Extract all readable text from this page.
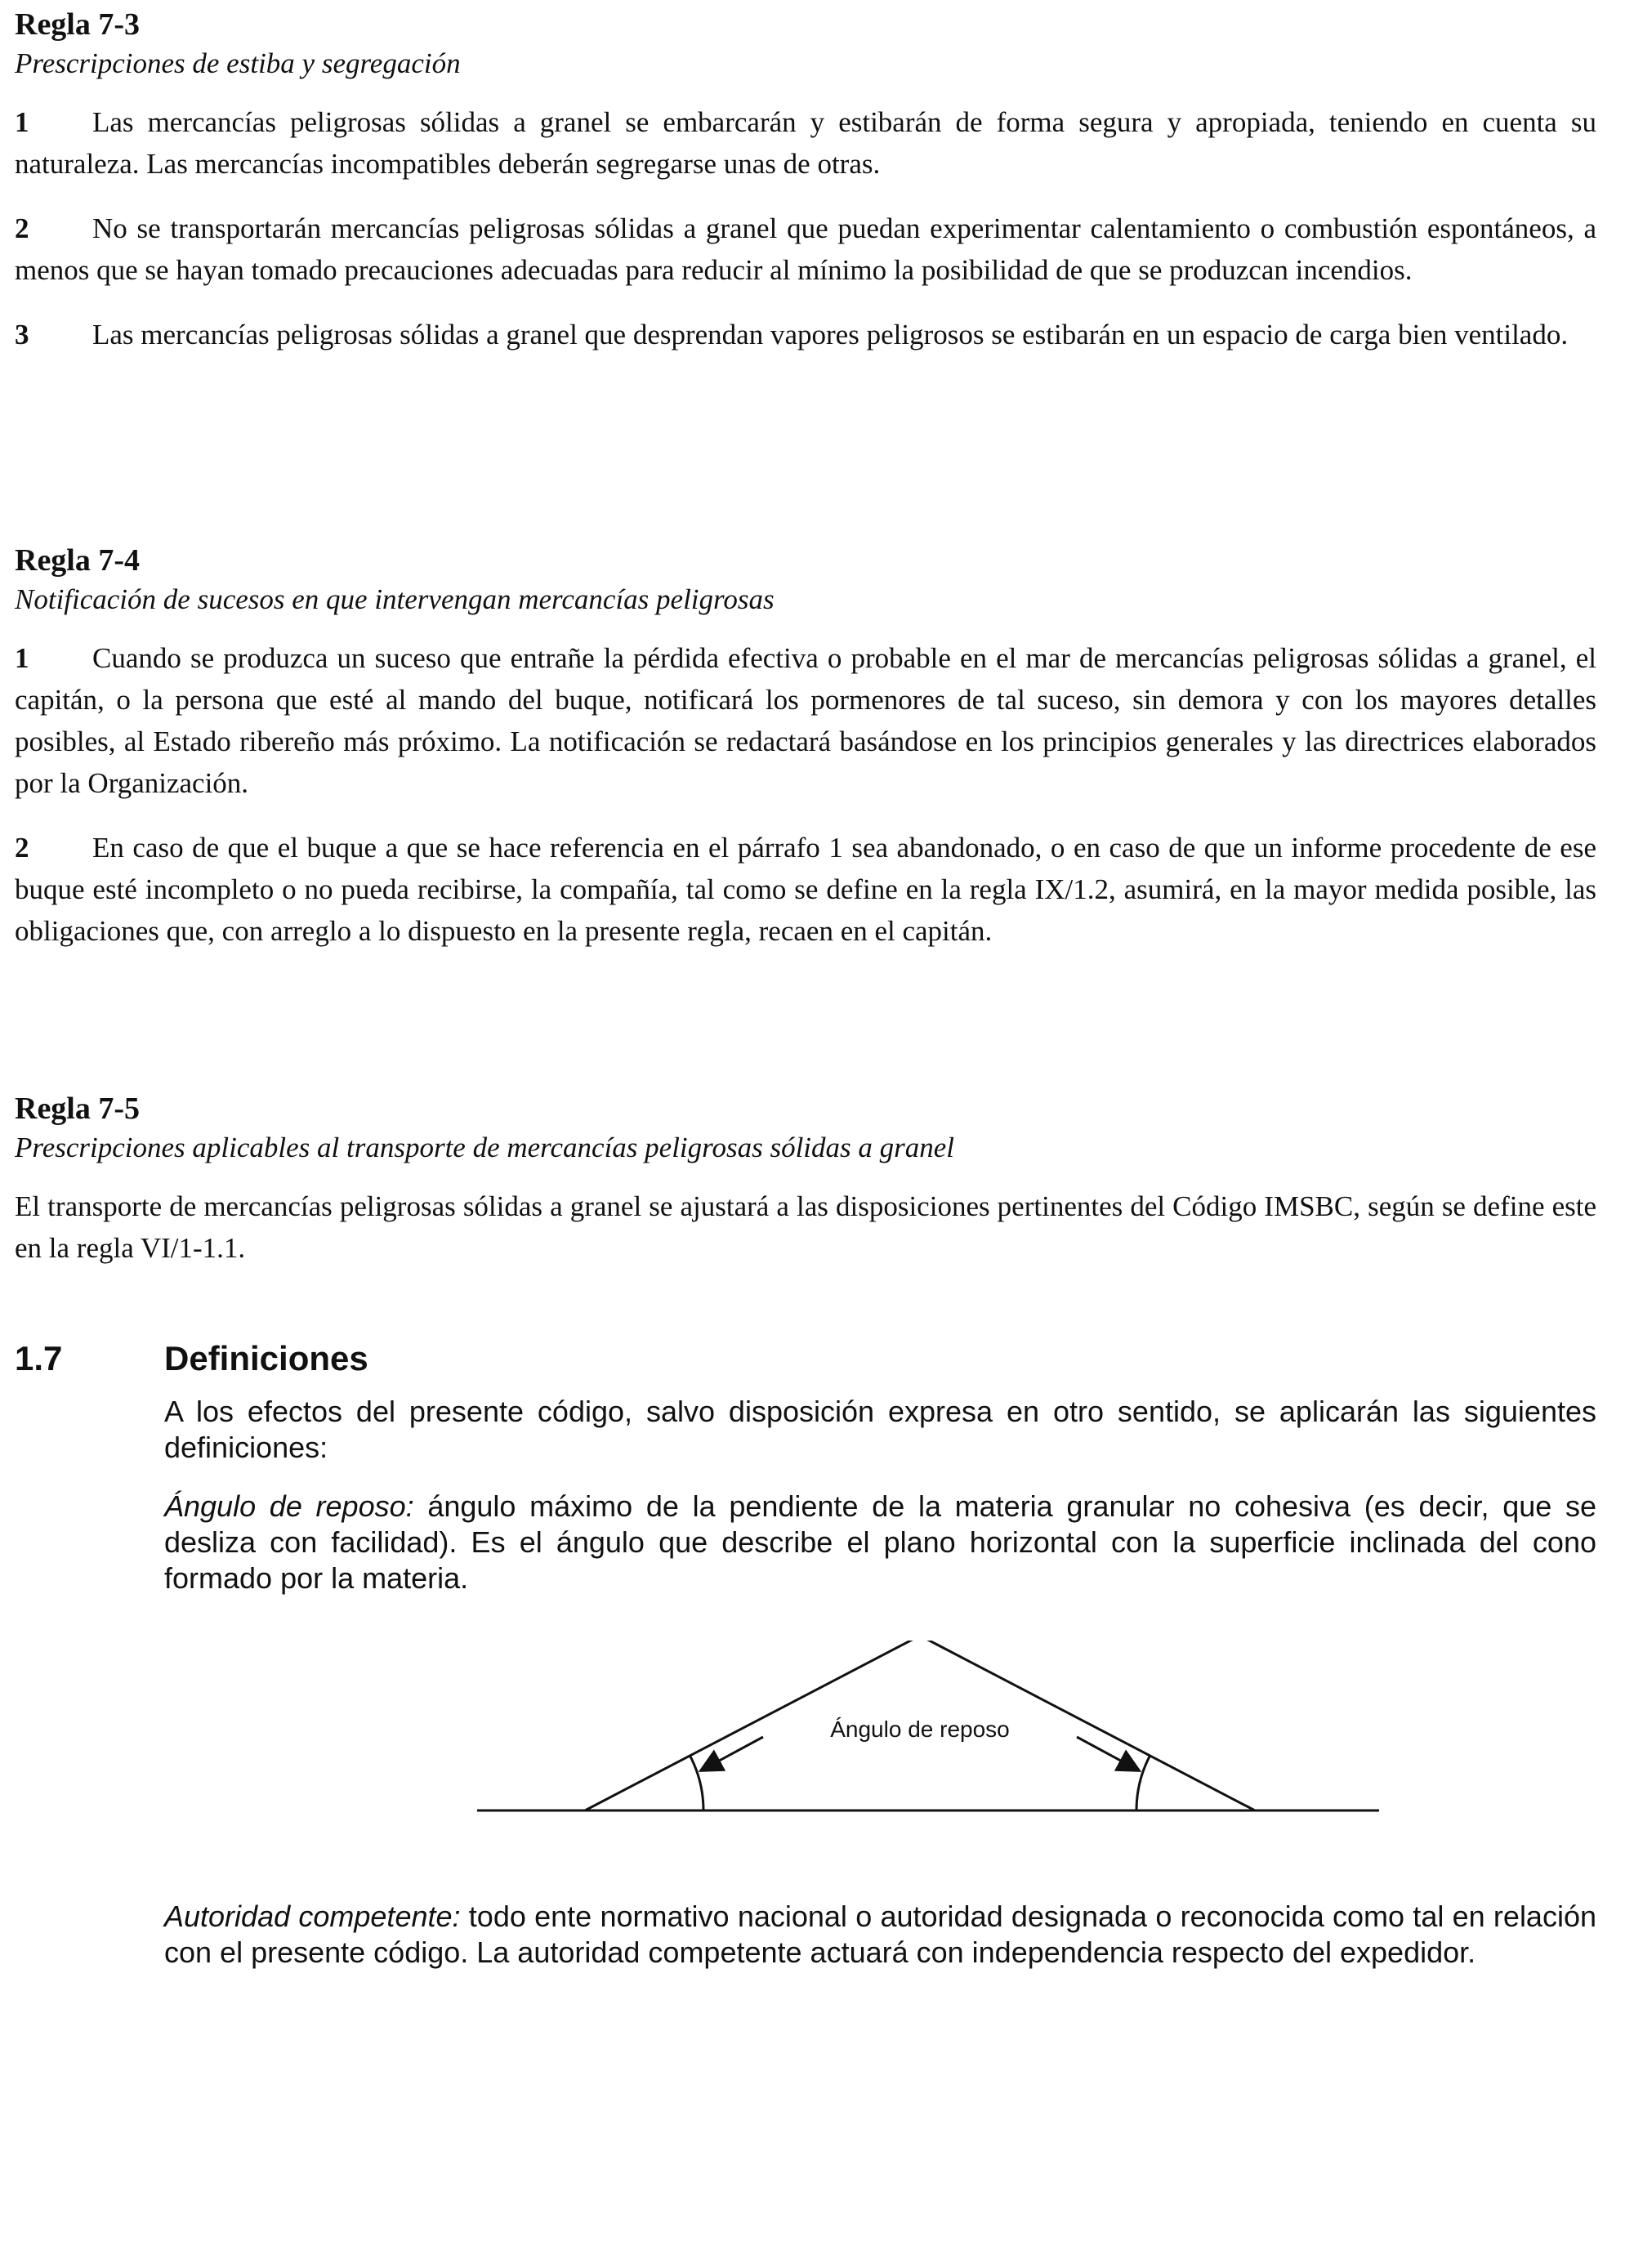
Regla 7-3

Prescripciones de estiba y segregación

1 Las mercancías peligrosas sólidas a granel se embarcarán y estibarán de forma segura y apropiada, teniendo en cuenta su naturaleza. Las mercancías incompatibles deberán segregarse unas de otras.

2 No se transportarán mercancías peligrosas sólidas a granel que puedan experimentar calentamiento o combustión espontáneos, a menos que se hayan tomado precauciones adecuadas para reducir al mínimo la posibilidad de que se produzcan incendios.

3 Las mercancías peligrosas sólidas a granel que desprendan vapores peligrosos se estibarán en un espacio de carga bien ventilado.

Regla 7-4

Notificación de sucesos en que intervengan mercancías peligrosas

1 Cuando se produzca un suceso que entrañe la pérdida efectiva o probable en el mar de mercancías peligrosas sólidas a granel, el capitán, o la persona que esté al mando del buque, notificará los pormenores de tal suceso, sin demora y con los mayores detalles posibles, al Estado ribereño más próximo. La notificación se redactará basándose en los principios generales y las directrices elaborados por la Organización.

2 En caso de que el buque a que se hace referencia en el párrafo 1 sea abandonado, o en caso de que un informe procedente de ese buque esté incompleto o no pueda recibirse, la compañía, tal como se define en la regla IX/1.2, asumirá, en la mayor medida posible, las obligaciones que, con arreglo a lo dispuesto en la presente regla, recaen en el capitán.

Regla 7-5

Prescripciones aplicables al transporte de mercancías peligrosas sólidas a granel

El transporte de mercancías peligrosas sólidas a granel se ajustará a las disposiciones pertinentes del Código IMSBC, según se define este en la regla VI/1-1.1.

1.7	Definiciones

A los efectos del presente código, salvo disposición expresa en otro sentido, se aplicarán las siguientes definiciones:

Ángulo de reposo: ángulo máximo de la pendiente de la materia granular no cohesiva (es decir, que se desliza con facilidad). Es el ángulo que describe el plano horizontal con la superficie inclinada del cono formado por la materia.

Ángulo de reposo

Autoridad competente: todo ente normativo nacional o autoridad designada o reconocida como tal en relación con el presente código. La autoridad competente actuará con independencia respecto del expedidor.
